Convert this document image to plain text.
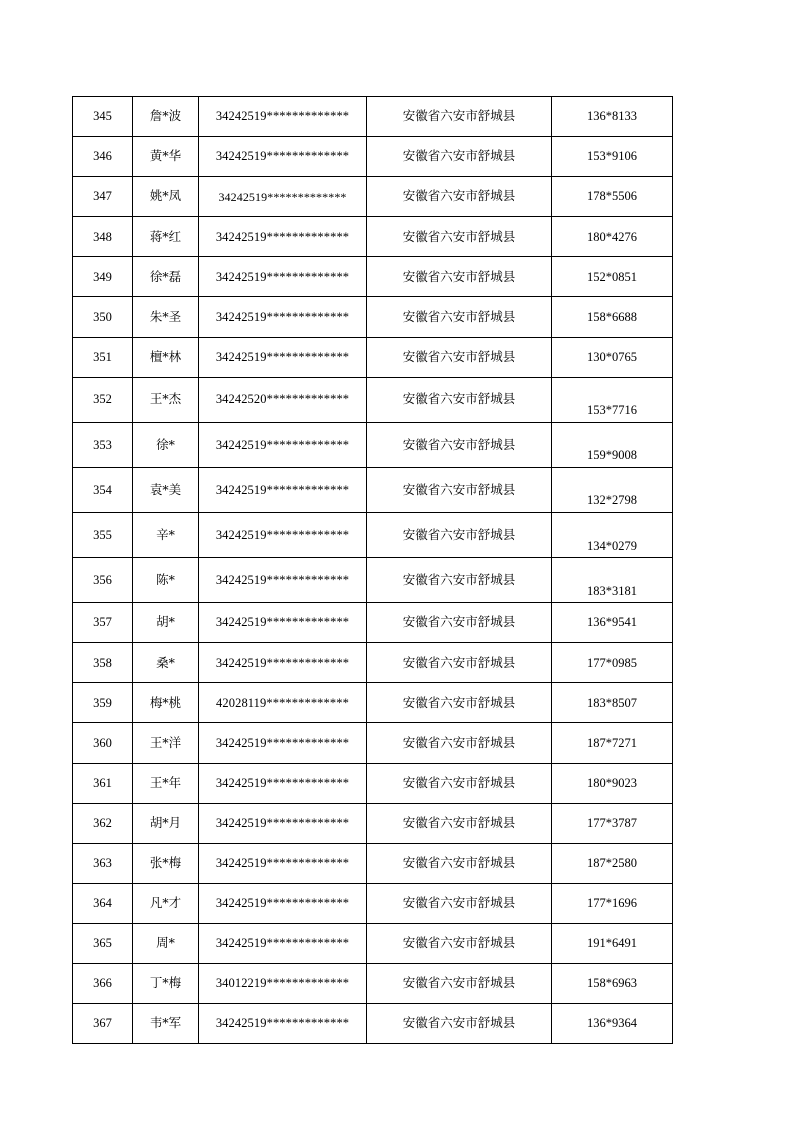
345	詹*波	34242519*************	安徽省六安市舒城县	136*8133
346	黄*华	34242519*************	安徽省六安市舒城县	153*9106
347	姚*凤	34242519*************	安徽省六安市舒城县	178*5506
348	蒋*红	34242519*************	安徽省六安市舒城县	180*4276
349	徐*磊	34242519*************	安徽省六安市舒城县	152*0851
350	朱*圣	34242519*************	安徽省六安市舒城县	158*6688
351	檀*林	34242519*************	安徽省六安市舒城县	130*0765
352	王*杰	34242520*************	安徽省六安市舒城县	153*7716
353	徐*	34242519*************	安徽省六安市舒城县	159*9008
354	袁*美	34242519*************	安徽省六安市舒城县	132*2798
355	辛*	34242519*************	安徽省六安市舒城县	134*0279
356	陈*	34242519*************	安徽省六安市舒城县	183*3181
357	胡*	34242519*************	安徽省六安市舒城县	136*9541
358	桑*	34242519*************	安徽省六安市舒城县	177*0985
359	梅*桃	42028119*************	安徽省六安市舒城县	183*8507
360	王*洋	34242519*************	安徽省六安市舒城县	187*7271
361	王*年	34242519*************	安徽省六安市舒城县	180*9023
362	胡*月	34242519*************	安徽省六安市舒城县	177*3787
363	张*梅	34242519*************	安徽省六安市舒城县	187*2580
364	凡*才	34242519*************	安徽省六安市舒城县	177*1696
365	周*	34242519*************	安徽省六安市舒城县	191*6491
366	丁*梅	34012219*************	安徽省六安市舒城县	158*6963
367	韦*军	34242519*************	安徽省六安市舒城县	136*9364
